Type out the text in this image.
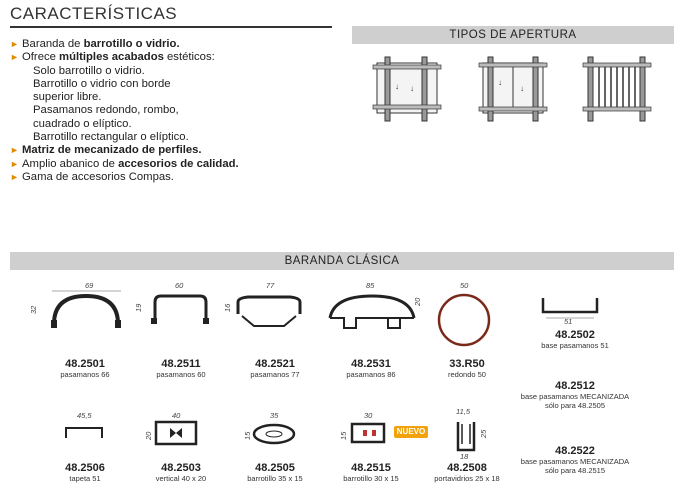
CARACTERÍSTICAS
► Baranda de barrotillo o vidrio.
► Ofrece múltiples acabados estéticos:
Solo barrotillo o vidrio.
Barrotillo o vidrio con borde
superior libre.
Pasamanos redondo, rombo,
cuadrado o elíptico.
Barrotillo rectangular o elíptico.
► Matriz de mecanizado de perfiles.
► Amplio abanico de accesorios de calidad.
► Gama de accesorios Compas.
TIPOS DE APERTURA
BARANDA CLÁSICA
↓ ↓
↓
↓
69
32
60
19
77
16
85
20
50
51
45,5	40
20
35
15
30
15
11,5
25
18
NUEVO
48.2501
pasamanos 66
48.2511
pasamanos 60
48.2521
pasamanos 77
48.2531
pasamanos 86
33.R50
redondo 50
48.2502
base pasamanos 51
48.2512
base pasamanos MECANIZADA
sólo para 48.2505
48.2522
base pasamanos MECANIZADA
sólo para 48.2515
48.2506
tapeta 51
48.2503
vertical 40 x 20
48.2505
barrotillo 35 x 15
48.2515
barrotillo 30 x 15
48.2508
portavidrios 25 x 18
